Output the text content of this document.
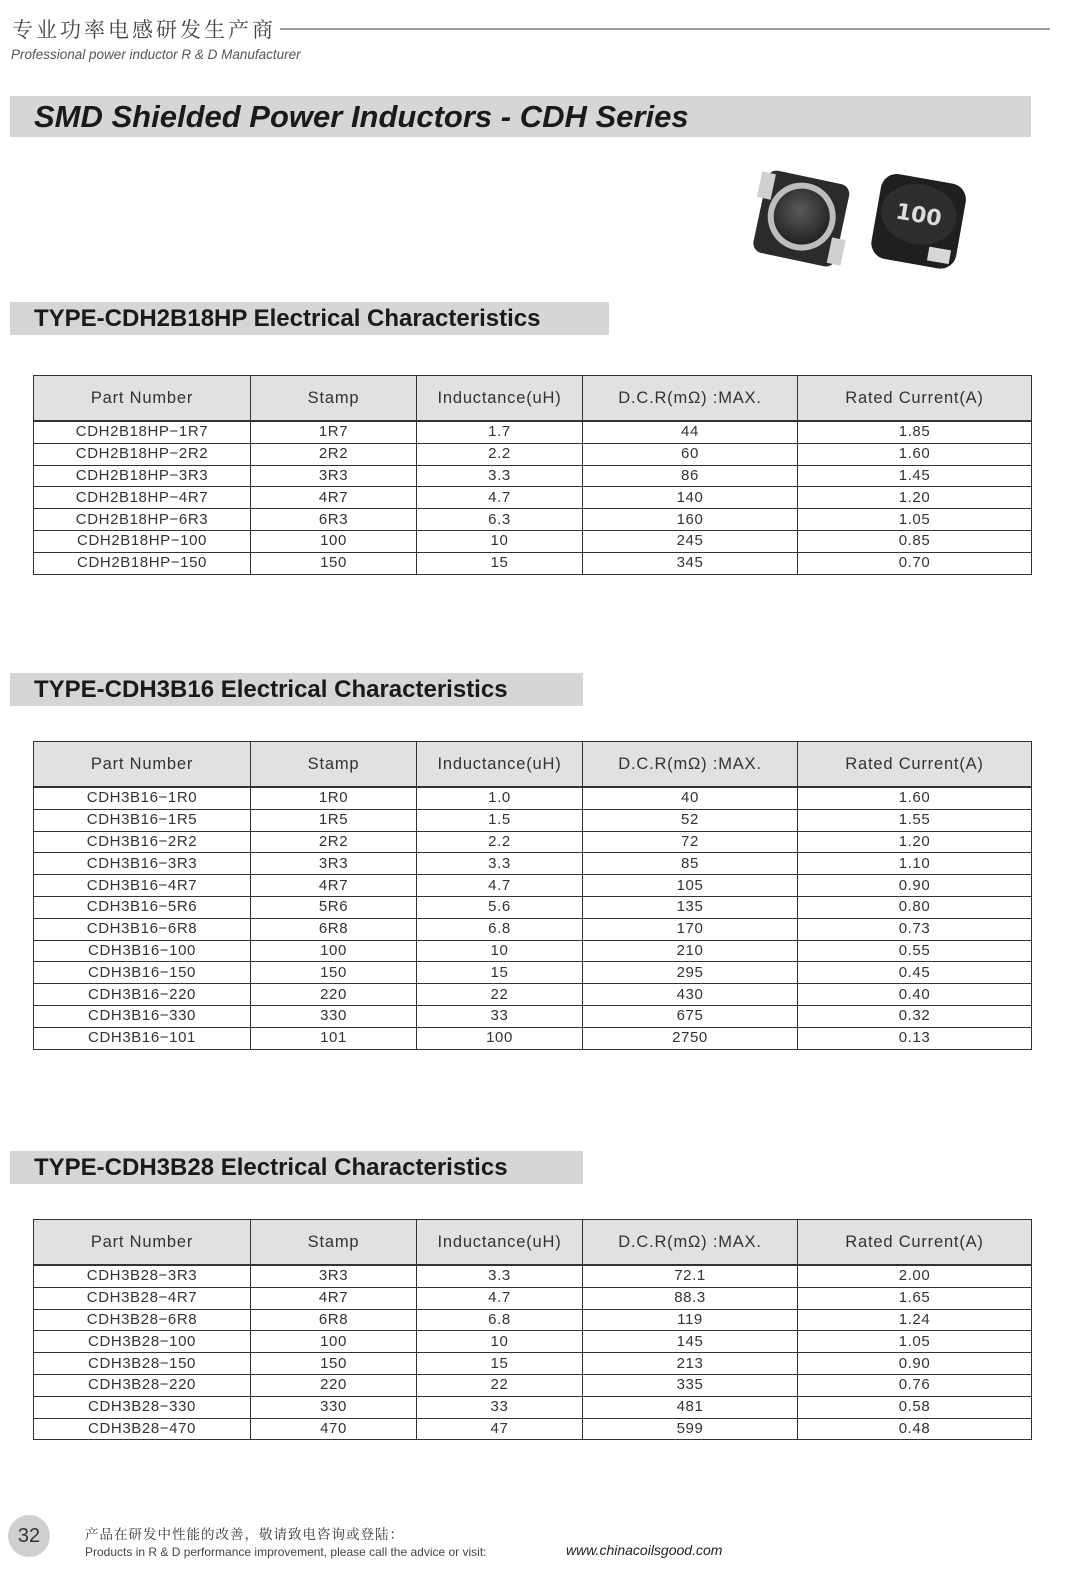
专业功率电感研发生产商
Professional power inductor R & D Manufacturer
SMD Shielded Power Inductors - CDH Series
100
TYPE-CDH2B18HP Electrical Characteristics
Part Number	Stamp	Inductance(uH)	D.C.R(mΩ) :MAX.	Rated Current(A)
CDH2B18HP−1R7	1R7	1.7	44	1.85
CDH2B18HP−2R2	2R2	2.2	60	1.60
CDH2B18HP−3R3	3R3	3.3	86	1.45
CDH2B18HP−4R7	4R7	4.7	140	1.20
CDH2B18HP−6R3	6R3	6.3	160	1.05
CDH2B18HP−100	100	10	245	0.85
CDH2B18HP−150	150	15	345	0.70
TYPE-CDH3B16 Electrical Characteristics
Part Number	Stamp	Inductance(uH)	D.C.R(mΩ) :MAX.	Rated Current(A)
CDH3B16−1R0	1R0	1.0	40	1.60
CDH3B16−1R5	1R5	1.5	52	1.55
CDH3B16−2R2	2R2	2.2	72	1.20
CDH3B16−3R3	3R3	3.3	85	1.10
CDH3B16−4R7	4R7	4.7	105	0.90
CDH3B16−5R6	5R6	5.6	135	0.80
CDH3B16−6R8	6R8	6.8	170	0.73
CDH3B16−100	100	10	210	0.55
CDH3B16−150	150	15	295	0.45
CDH3B16−220	220	22	430	0.40
CDH3B16−330	330	33	675	0.32
CDH3B16−101	101	100	2750	0.13
TYPE-CDH3B28 Electrical Characteristics
Part Number	Stamp	Inductance(uH)	D.C.R(mΩ) :MAX.	Rated Current(A)
CDH3B28−3R3	3R3	3.3	72.1	2.00
CDH3B28−4R7	4R7	4.7	88.3	1.65
CDH3B28−6R8	6R8	6.8	119	1.24
CDH3B28−100	100	10	145	1.05
CDH3B28−150	150	15	213	0.90
CDH3B28−220	220	22	335	0.76
CDH3B28−330	330	33	481	0.58
CDH3B28−470	470	47	599	0.48
32	产品在研发中性能的改善，敬请致电咨询或登陆：
Products in R & D performance improvement, please call the advice or visit:	www.chinacoilsgood.com
